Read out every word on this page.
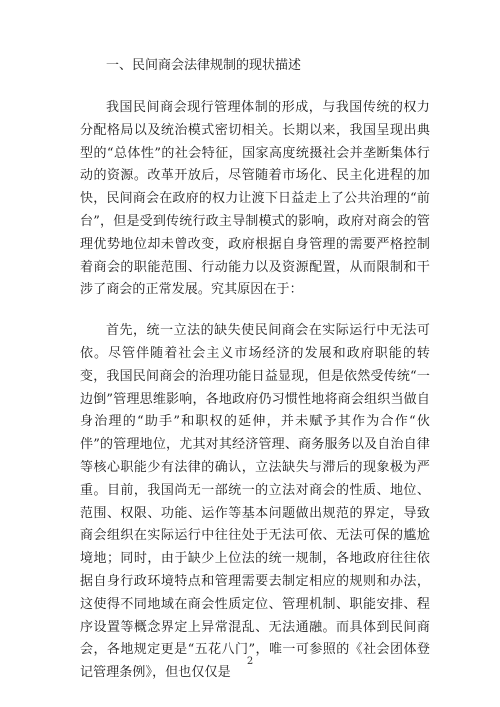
一、民间商会法律规制的现状描述

我国民间商会现行管理体制的形成，与我国传统的权力分配格局以及统治模式密切相关。长期以来，我国呈现出典型的“总体性”的社会特征，国家高度统摄社会并垄断集体行动的资源。改革开放后，尽管随着市场化、民主化进程的加快，民间商会在政府的权力让渡下日益走上了公共治理的“前台”，但是受到传统行政主导制模式的影响，政府对商会的管理优势地位却未曾改变，政府根据自身管理的需要严格控制着商会的职能范围、行动能力以及资源配置，从而限制和干涉了商会的正常发展。究其原因在于：

首先，统一立法的缺失使民间商会在实际运行中无法可依。尽管伴随着社会主义市场经济的发展和政府职能的转变，我国民间商会的治理功能日益显现，但是依然受传统“一边倒”管理思维影响，各地政府仍习惯性地将商会组织当做自身治理的“助手”和职权的延伸，并未赋予其作为合作“伙伴”的管理地位，尤其对其经济管理、商务服务以及自治自律等核心职能少有法律的确认，立法缺失与滞后的现象极为严重。目前，我国尚无一部统一的立法对商会的性质、地位、范围、权限、功能、运作等基本问题做出规范的界定，导致商会组织在实际运行中往往处于无法可依、无法可保的尴尬境地；同时，由于缺少上位法的统一规制，各地政府往往依据自身行政环境特点和管理需要去制定相应的规则和办法，这使得不同地域在商会性质定位、管理机制、职能安排、程序设置等概念界定上异常混乱、无法通融。而具体到民间商会，各地规定更是“五花八门”，唯一可参照的《社会团体登记管理条例》，但也仅仅是

2
